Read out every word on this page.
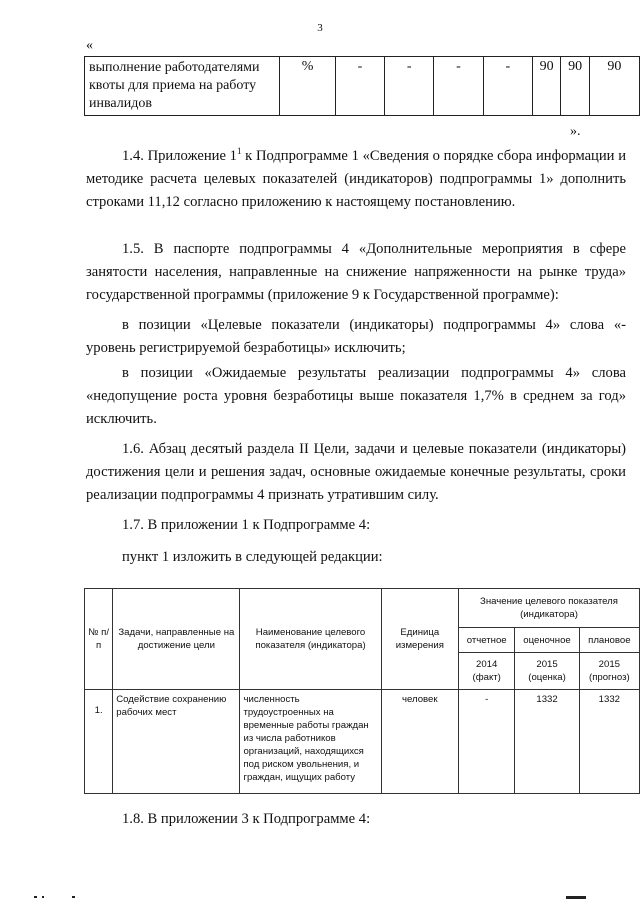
3
«
выполнение работодателями квоты для приема на работу инвалидов	%	-	-	-	-	90	90	90
».
1.4. Приложение $1^1$ к Подпрограмме 1 «Сведения о порядке сбора информации и методике расчета целевых показателей (индикаторов) подпрограммы 1» дополнить строками 11,12 согласно приложению к настоящему постановлению.
1.5. В паспорте подпрограммы 4 «Дополнительные мероприятия в сфере занятости населения, направленные на снижение напряженности на рынке труда» государственной программы (приложение 9 к Государственной программе):
в позиции «Целевые показатели (индикаторы) подпрограммы 4» слова «-уровень регистрируемой безработицы» исключить;
в позиции «Ожидаемые результаты реализации подпрограммы 4» слова «недопущение роста уровня безработицы выше показателя 1,7% в среднем за год» исключить.
1.6. Абзац десятый раздела II Цели, задачи и целевые показатели (индикаторы) достижения цели и решения задач, основные ожидаемые конечные результаты, сроки реализации подпрограммы 4 признать утратившим силу.
1.7. В приложении 1 к Подпрограмме 4:
пункт 1 изложить в следующей редакции:
№ п/п	Задачи, направленные на достижение цели	Наименование целевого показателя (индикатора)	Единица измерения	Значение целевого показателя (индикатора)		
				отчетное	оценочное	плановое
				2014 (факт)	2015 (оценка)	2015 (прогноз)
1.	Содействие сохранению рабочих мест	численность трудоустроенных на временные работы граждан из числа работников организаций, находящихся под риском увольнения, и граждан, ищущих работу	человек	-	1332	1332
1.8. В приложении 3 к Подпрограмме 4:
